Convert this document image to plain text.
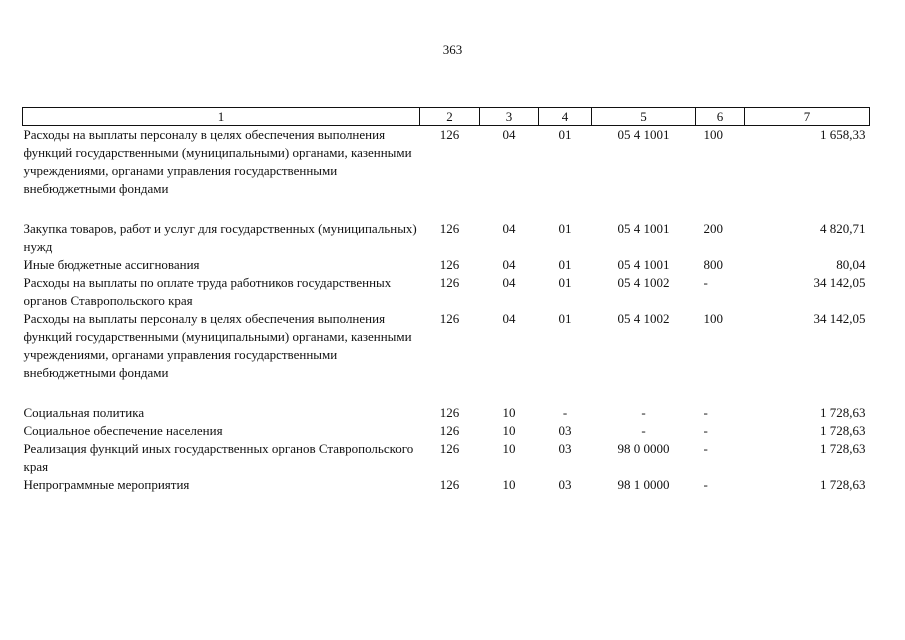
363
1	2	3	4	5	6	7
Расходы на выплаты персоналу в целях обеспечения выполнения функций государственными (муниципальными) органами, казенными учреждениями, органами управления государственными внебюджетными фондами	126	04	01	05 4 1001	100	1 658,33
Закупка товаров, работ и услуг для государственных (муниципальных) нужд	126	04	01	05 4 1001	200	4 820,71
Иные бюджетные ассигнования	126	04	01	05 4 1001	800	80,04
Расходы на выплаты по оплате труда работников государственных органов Ставропольского края	126	04	01	05 4 1002	-	34 142,05
Расходы на выплаты персоналу в целях обеспечения выполнения функций государственными (муниципальными) органами, казенными учреждениями, органами управления государственными внебюджетными фондами	126	04	01	05 4 1002	100	34 142,05
Социальная политика	126	10	-	-	-	1 728,63
Социальное обеспечение населения	126	10	03	-	-	1 728,63
Реализация функций иных государственных органов Ставропольского края	126	10	03	98 0 0000	-	1 728,63
Непрограммные мероприятия	126	10	03	98 1 0000	-	1 728,63
